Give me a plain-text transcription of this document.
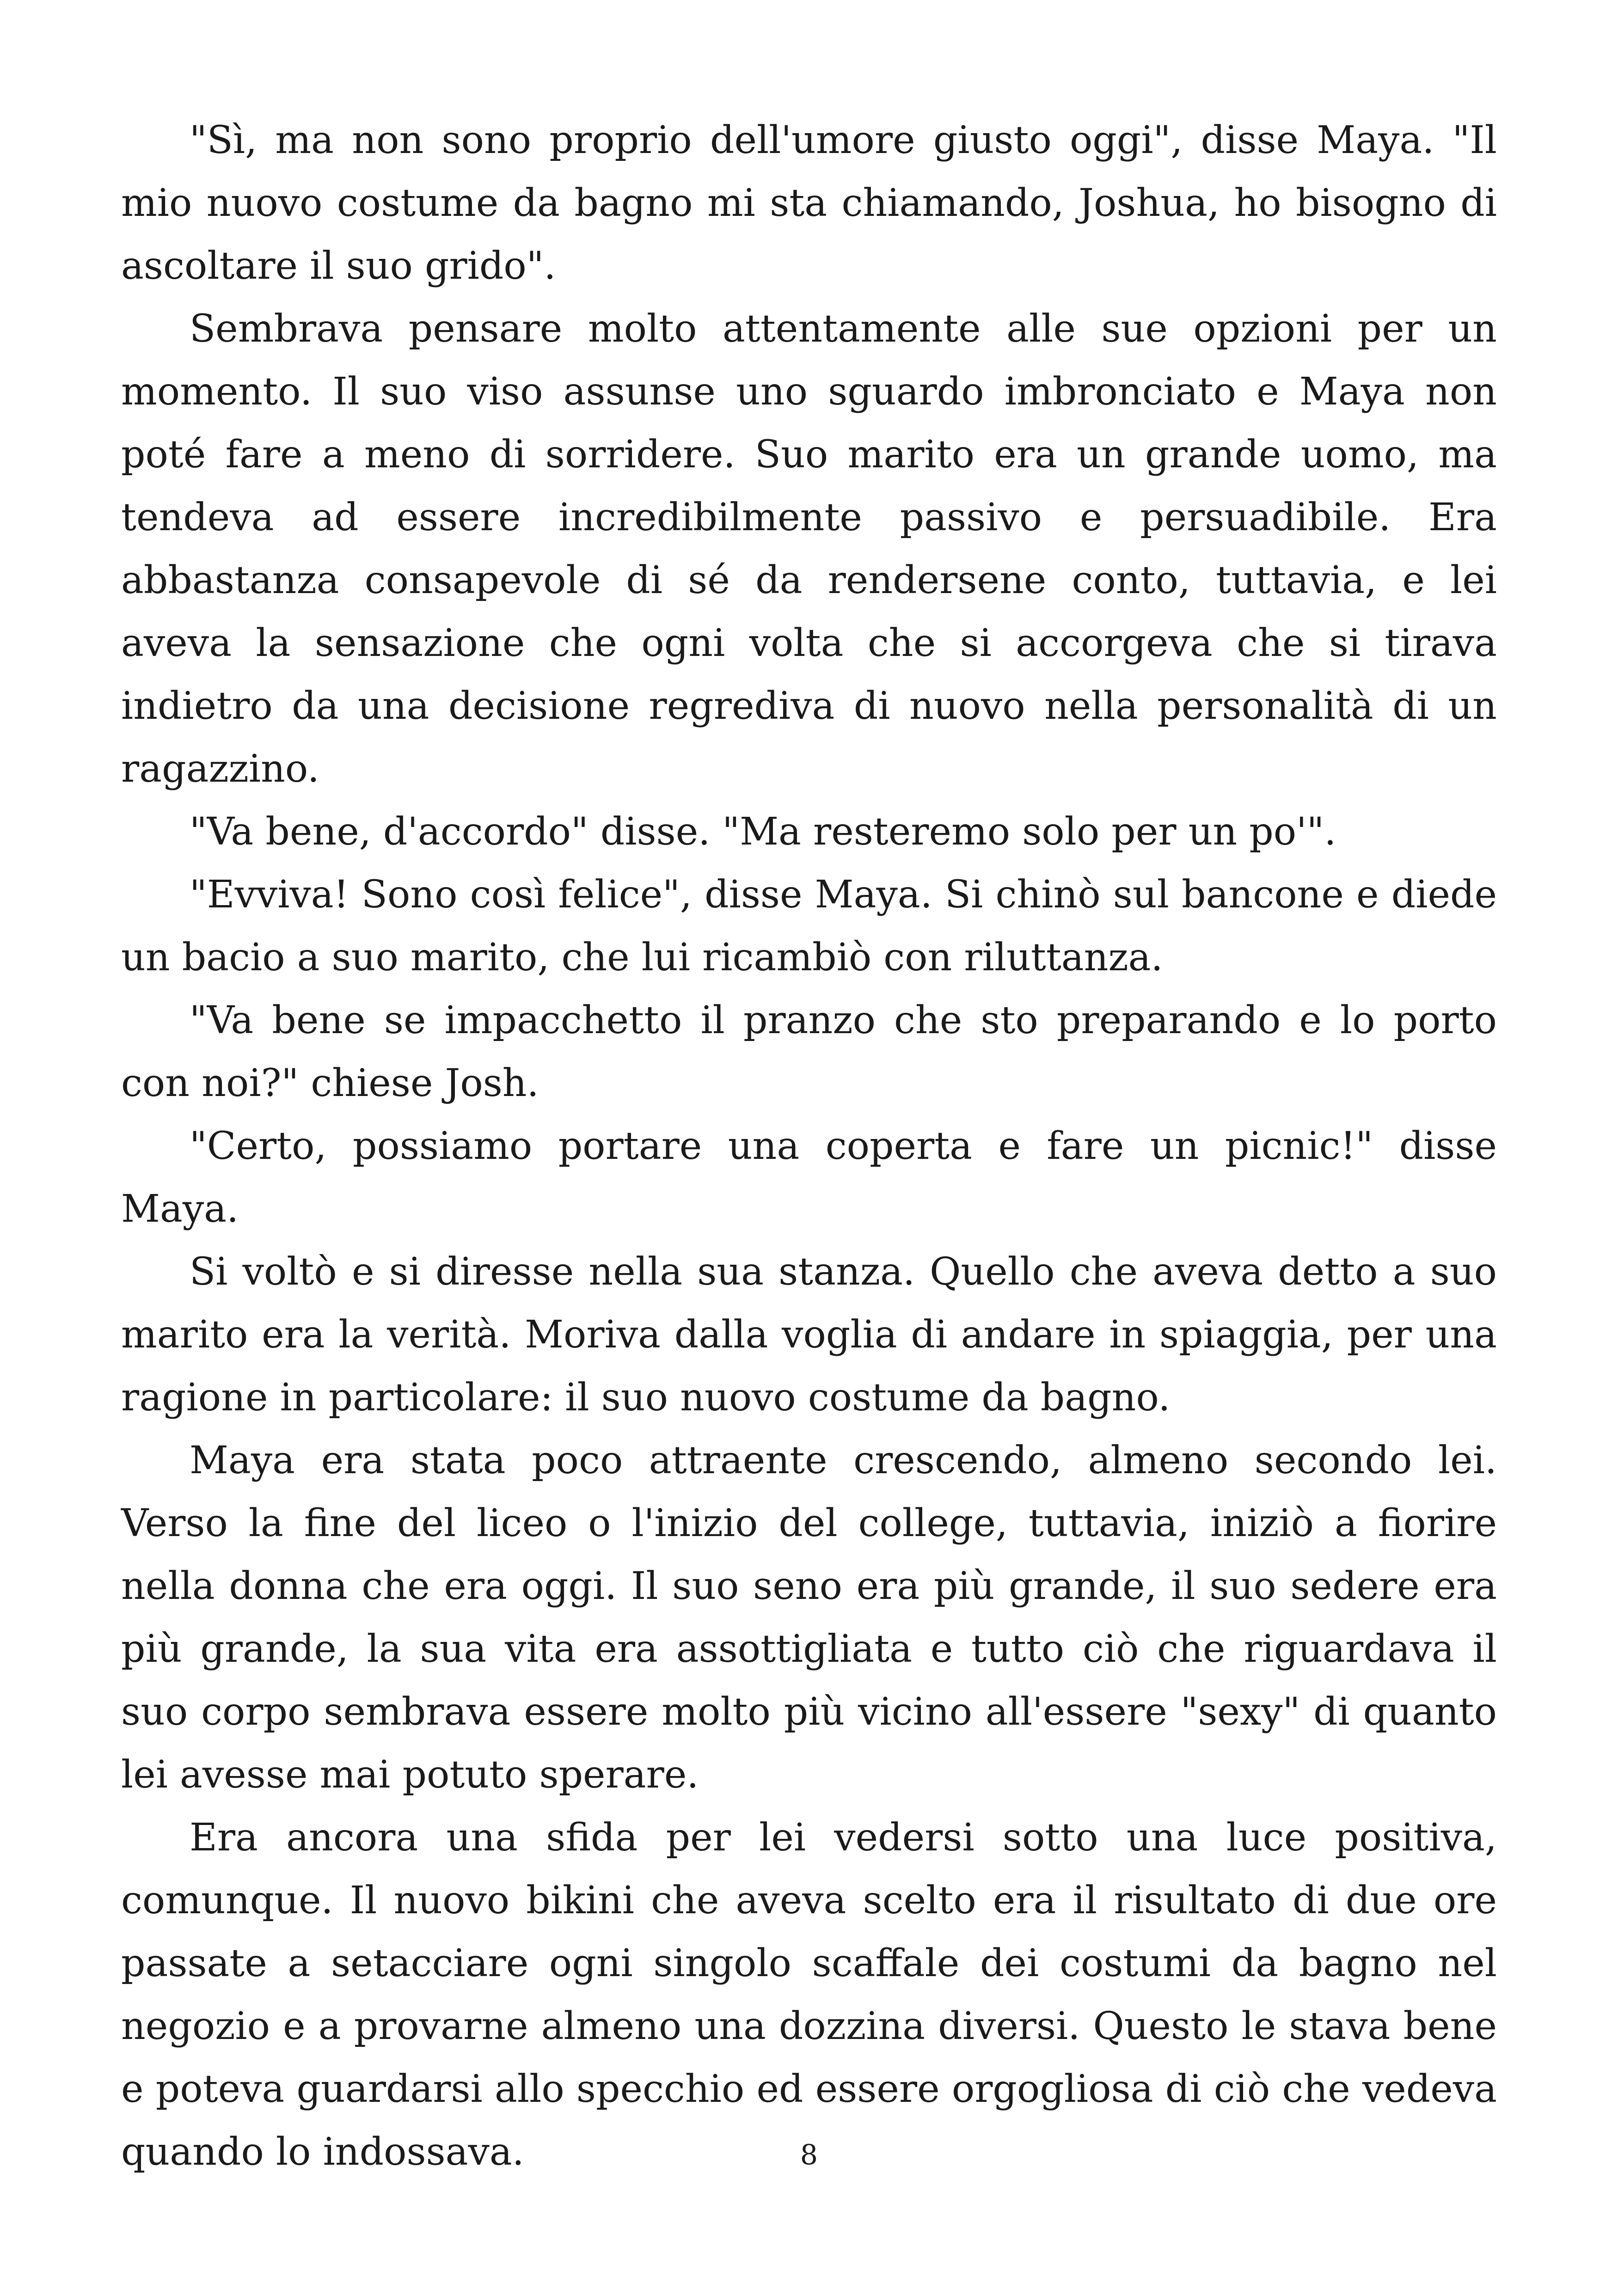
"Sì, ma non sono proprio dell'umore giusto oggi", disse Maya. "Il mio nuovo costume da bagno mi sta chiamando, Joshua, ho bisogno di ascoltare il suo grido".

Sembrava pensare molto attentamente alle sue opzioni per un momento. Il suo viso assunse uno sguardo imbronciato e Maya non poté fare a meno di sorridere. Suo marito era un grande uomo, ma tendeva ad essere incredibilmente passivo e persuadibile. Era abbastanza consapevole di sé da rendersene conto, tuttavia, e lei aveva la sensazione che ogni volta che si accorgeva che si tirava indietro da una decisione regrediva di nuovo nella personalità di un ragazzino.

"Va bene, d'accordo" disse. "Ma resteremo solo per un po'".

"Evviva! Sono così felice", disse Maya. Si chinò sul bancone e diede un bacio a suo marito, che lui ricambiò con riluttanza.

"Va bene se impacchetto il pranzo che sto preparando e lo porto con noi?" chiese Josh.

"Certo, possiamo portare una coperta e fare un picnic!" disse Maya.

Si voltò e si diresse nella sua stanza. Quello che aveva detto a suo marito era la verità. Moriva dalla voglia di andare in spiaggia, per una ragione in particolare: il suo nuovo costume da bagno.

Maya era stata poco attraente crescendo, almeno secondo lei. Verso la fine del liceo o l'inizio del college, tuttavia, iniziò a fiorire nella donna che era oggi. Il suo seno era più grande, il suo sedere era più grande, la sua vita era assottigliata e tutto ciò che riguardava il suo corpo sembrava essere molto più vicino all'essere "sexy" di quanto lei avesse mai potuto sperare.

Era ancora una sfida per lei vedersi sotto una luce positiva, comunque. Il nuovo bikini che aveva scelto era il risultato di due ore passate a setacciare ogni singolo scaffale dei costumi da bagno nel negozio e a provarne almeno una dozzina diversi. Questo le stava bene e poteva guardarsi allo specchio ed essere orgogliosa di ciò che vedeva quando lo indossava.	8
